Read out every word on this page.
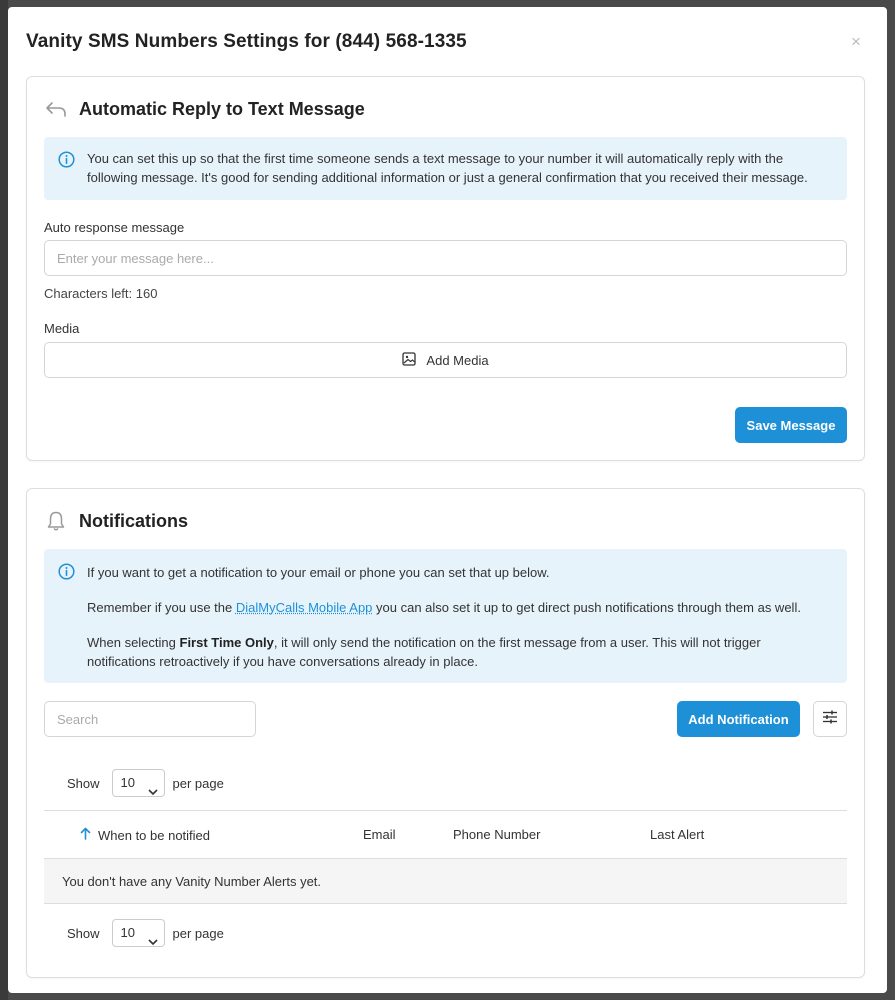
Vanity SMS Numbers Settings for (844) 568-1335	×
Automatic Reply to Text Message
You can set this up so that the first time someone sends a text message to your number it will automatically reply with the following message. It's good for sending additional information or just a general confirmation that you received their message.
Auto response message
Enter your message here...
Characters left: 160
Media
Add Media
Save Message
Notifications
If you want to get a notification to your email or phone you can set that up below.
Remember if you use the DialMyCalls Mobile App you can also set it up to get direct push notifications through them as well.
When selecting First Time Only, it will only send the notification on the first message from a user. This will not trigger notifications retroactively if you have conversations already in place.
Search
Add Notification
Show	10	per page
When to be notified	Email	Phone Number	Last Alert
You don't have any Vanity Number Alerts yet.
Show	10	per page
